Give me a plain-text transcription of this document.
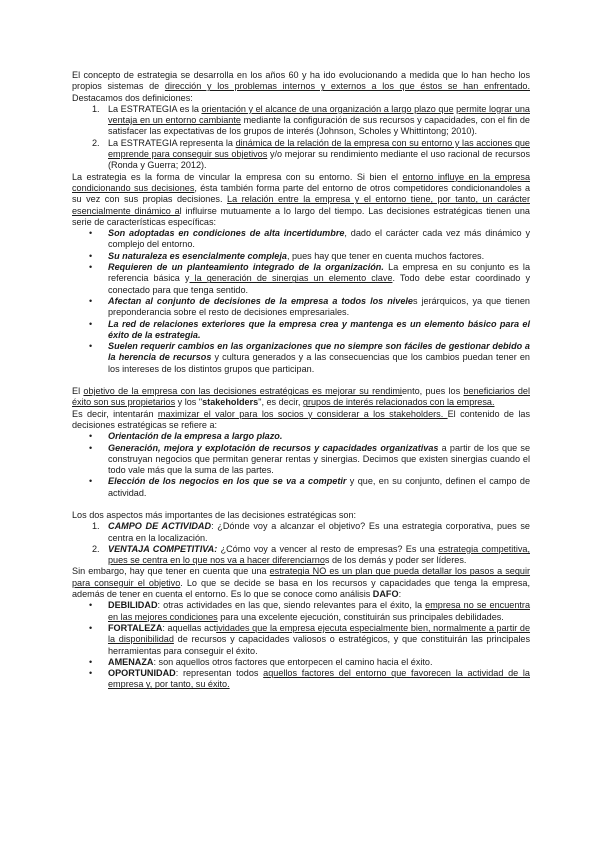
El concepto de estrategia se desarrolla en los años 60 y ha ido evolucionando a medida que lo han hecho los propios sistemas de dirección y los problemas internos y externos a los que éstos se han enfrentado. Destacamos dos definiciones:

1. La ESTRATEGIA es la orientación y el alcance de una organización a largo plazo que permite lograr una ventaja en un entorno cambiante mediante la configuración de sus recursos y capacidades, con el fin de satisfacer las expectativas de los grupos de interés (Johnson, Scholes y Whittintong; 2010).
2. La ESTRATEGIA representa la dinámica de la relación de la empresa con su entorno y las acciones que emprende para conseguir sus objetivos y/o mejorar su rendimiento mediante el uso racional de recursos (Ronda y Guerra; 2012).

La estrategia es la forma de vincular la empresa con su entorno. Si bien el entorno influye en la empresa condicionando sus decisiones, ésta también forma parte del entorno de otros competidores condicionandoles a su vez con sus propias decisiones. La relación entre la empresa y el entorno tiene, por tanto, un carácter esencialmente dinámico al influirse mutuamente a lo largo del tiempo. Las decisiones estratégicas tienen una serie de características específicas:

• Son adoptadas en condiciones de alta incertidumbre, dado el carácter cada vez más dinámico y complejo del entorno.
• Su naturaleza es esencialmente compleja, pues hay que tener en cuenta muchos factores.
• Requieren de un planteamiento integrado de la organización. La empresa en su conjunto es la referencia básica y la generación de sinergias un elemento clave. Todo debe estar coordinado y conectado para que tenga sentido.
• Afectan al conjunto de decisiones de la empresa a todos los niveles jerárquicos, ya que tienen preponderancia sobre el resto de decisiones empresariales.
• La red de relaciones exteriores que la empresa crea y mantenga es un elemento básico para el éxito de la estrategia.
• Suelen requerir cambios en las organizaciones que no siempre son fáciles de gestionar debido a la herencia de recursos y cultura generados y a las consecuencias que los cambios puedan tener en los intereses de los distintos grupos que participan.

El objetivo de la empresa con las decisiones estratégicas es mejorar su rendimiento, pues los beneficiarios del éxito son sus propietarios y los "stakeholders", es decir, grupos de interés relacionados con la empresa.

Es decir, intentarán maximizar el valor para los socios y considerar a los stakeholders. El contenido de las decisiones estratégicas se refiere a:

• Orientación de la empresa a largo plazo.
• Generación, mejora y explotación de recursos y capacidades organizativas a partir de los que se construyan negocios que permitan generar rentas y sinergias. Decimos que existen sinergias cuando el todo vale más que la suma de las partes.
• Elección de los negocios en los que se va a competir y que, en su conjunto, definen el campo de actividad.

Los dos aspectos más importantes de las decisiones estratégicas son:

1. CAMPO DE ACTIVIDAD: ¿Dónde voy a alcanzar el objetivo? Es una estrategia corporativa, pues se centra en la localización.
2. VENTAJA COMPETITIVA: ¿Cómo voy a vencer al resto de empresas? Es una estrategia competitiva, pues se centra en lo que nos va a hacer diferenciarnos de los demás y poder ser líderes.

Sin embargo, hay que tener en cuenta que una estrategia NO es un plan que pueda detallar los pasos a seguir para conseguir el objetivo. Lo que se decide se basa en los recursos y capacidades que tenga la empresa, además de tener en cuenta el entorno. Es lo que se conoce como análisis DAFO:

• DEBILIDAD: otras actividades en las que, siendo relevantes para el éxito, la empresa no se encuentra en las mejores condiciones para una excelente ejecución, constituirán sus principales debilidades.
• FORTALEZA: aquellas actividades que la empresa ejecuta especialmente bien, normalmente a partir de la disponibilidad de recursos y capacidades valiosos o estratégicos, y que constituirán las principales herramientas para conseguir el éxito.
• AMENAZA: son aquellos otros factores que entorpecen el camino hacia el éxito.
• OPORTUNIDAD: representan todos aquellos factores del entorno que favorecen la actividad de la empresa y, por tanto, su éxito.
